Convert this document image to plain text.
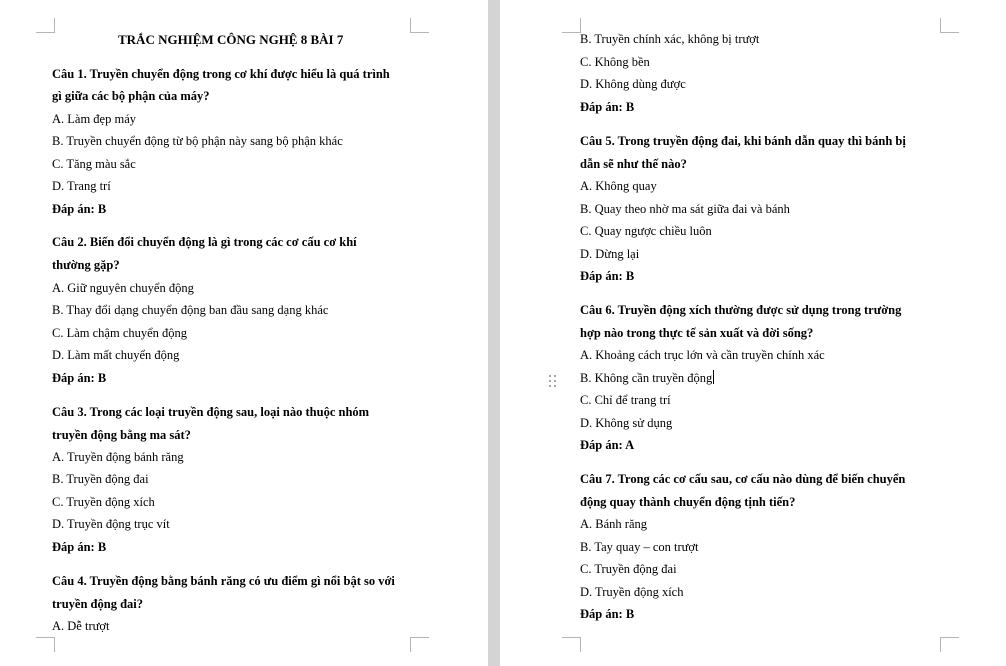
TRẮC NGHIỆM CÔNG NGHỆ 8 BÀI 7
Câu 1. Truyền chuyển động trong cơ khí được hiểu là quá trình
gì giữa các bộ phận của máy?
A. Làm đẹp máy
B. Truyền chuyển động từ bộ phận này sang bộ phận khác
C. Tăng màu sắc
D. Trang trí
Đáp án: B
Câu 2. Biến đổi chuyển động là gì trong các cơ cấu cơ khí
thường gặp?
A. Giữ nguyên chuyển động
B. Thay đổi dạng chuyển động ban đầu sang dạng khác
C. Làm chậm chuyển động
D. Làm mất chuyển động
Đáp án: B
Câu 3. Trong các loại truyền động sau, loại nào thuộc nhóm
truyền động bằng ma sát?
A. Truyền động bánh răng
B. Truyền động đai
C. Truyền động xích
D. Truyền động trục vít
Đáp án: B
Câu 4. Truyền động bằng bánh răng có ưu điểm gì nổi bật so với
truyền động đai?
A. Dễ trượt
B. Truyền chính xác, không bị trượt
C. Không bền
D. Không dùng được
Đáp án: B
Câu 5. Trong truyền động đai, khi bánh dẫn quay thì bánh bị
dẫn sẽ như thế nào?
A. Không quay
B. Quay theo nhờ ma sát giữa đai và bánh
C. Quay ngược chiều luôn
D. Dừng lại
Đáp án: B
Câu 6. Truyền động xích thường được sử dụng trong trường
hợp nào trong thực tế sản xuất và đời sống?
A. Khoảng cách trục lớn và cần truyền chính xác
B. Không cần truyền động
C. Chỉ để trang trí
D. Không sử dụng
Đáp án: A
Câu 7. Trong các cơ cấu sau, cơ cấu nào dùng để biến chuyển
động quay thành chuyển động tịnh tiến?
A. Bánh răng
B. Tay quay – con trượt
C. Truyền động đai
D. Truyền động xích
Đáp án: B
